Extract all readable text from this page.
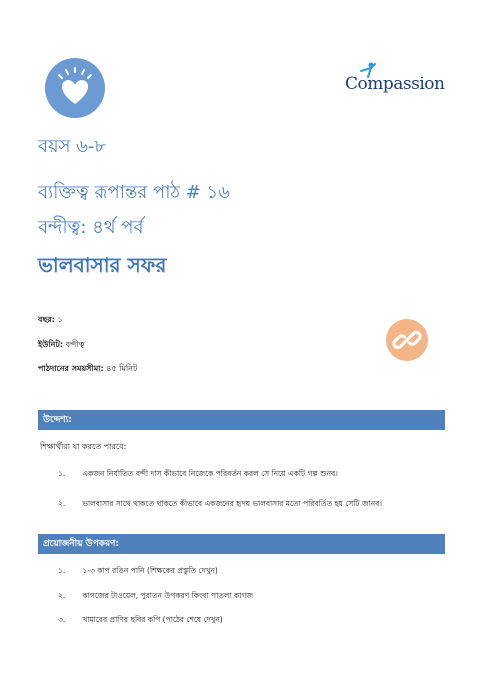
Compassion
বয়স ৬-৮
ব্যক্তিত্ব রূপান্তর পাঠ # ১৬
বন্দীত্ব: ৪র্থ পর্ব
ভালবাসার সফর
বছর: ১
ইউনিট: বন্দীত্ব
পাঠদানের সময়সীমা: ৪৫ মিনিট
উদ্দেশ্য:
শিক্ষার্থীরা যা করতে পারবে:
১. একজন নির্যাতিত বন্দী দাস কীভাবে নিজেকে পরিবর্তন করল সে নিয়ে একটি গল্প শুনব।
২. ভালবাসার সাথে থাকতে থাকতে কীভাবে একজনের হৃদয় ভালবাসার মতো পরিবর্তিত হয় সেটি জানব।
প্রয়োজনীয় উপকরণ:
১. ১-৩ কাপ রঙিন পানি (শিক্ষকের প্রস্তুতি দেখুন)
২. কাগজের টাওয়েল, পুরাতন উপকরণ কিংবা পাতলা কাগজ
৩. খামারের প্রাণির ছবির কপি (পাঠের শেষে দেখুন)
